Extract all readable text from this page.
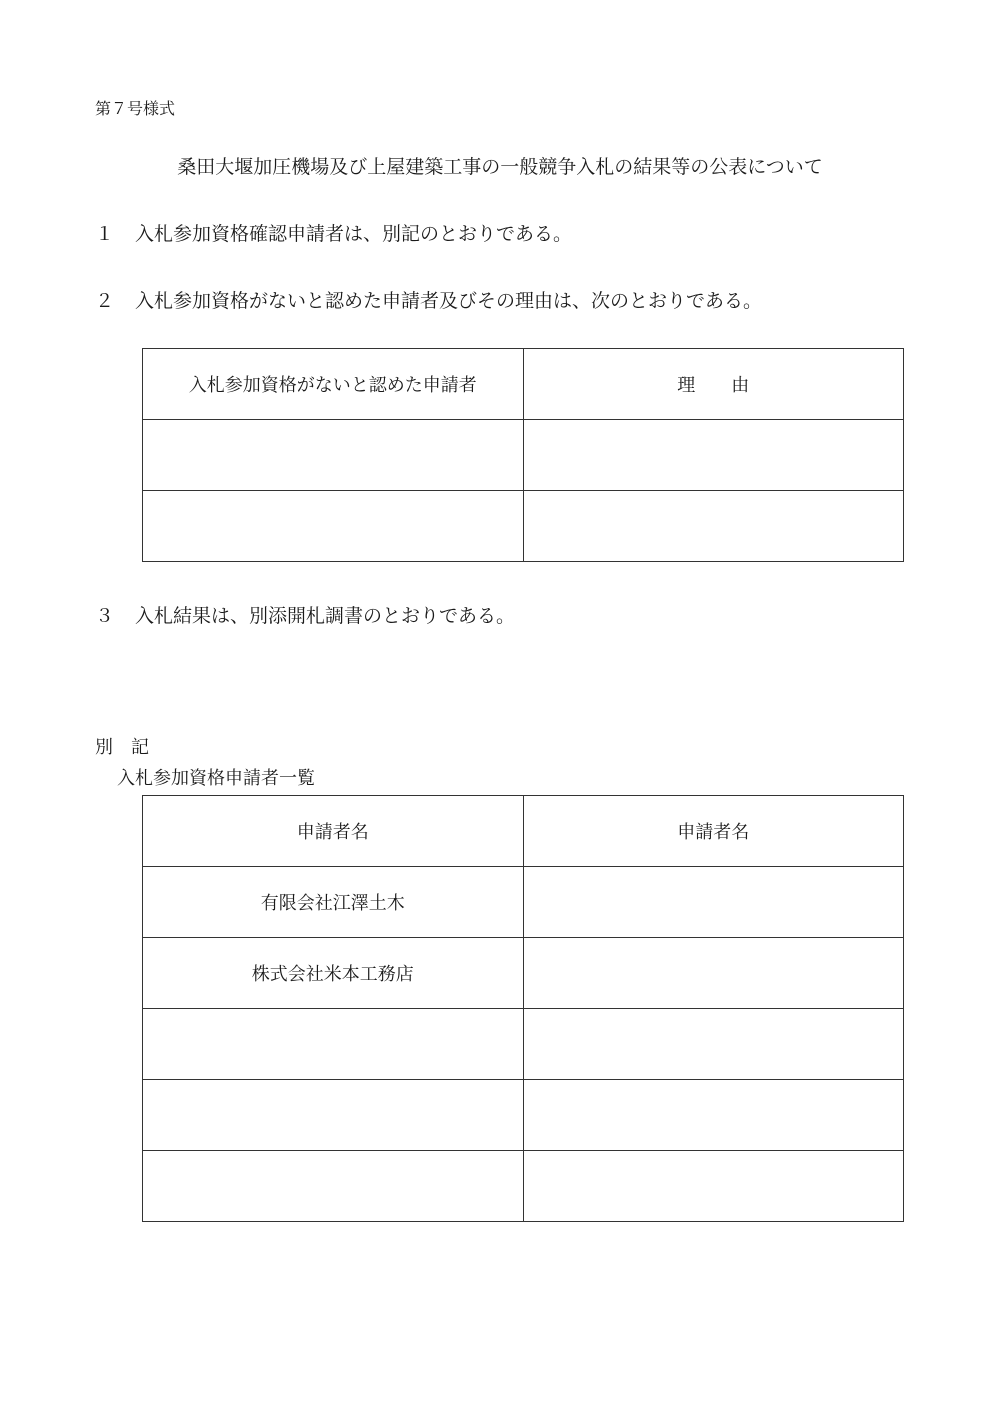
第７号様式
桑田大堰加圧機場及び上屋建築工事の一般競争入札の結果等の公表について
１ 入札参加資格確認申請者は、別記のとおりである。
２ 入札参加資格がないと認めた申請者及びその理由は、次のとおりである。
入札参加資格がないと認めた申請者	理　　由

３ 入札結果は、別添開札調書のとおりである。
別　記
入札参加資格申請者一覧
申請者名	申請者名
有限会社江澤土木	
株式会社米本工務店	
